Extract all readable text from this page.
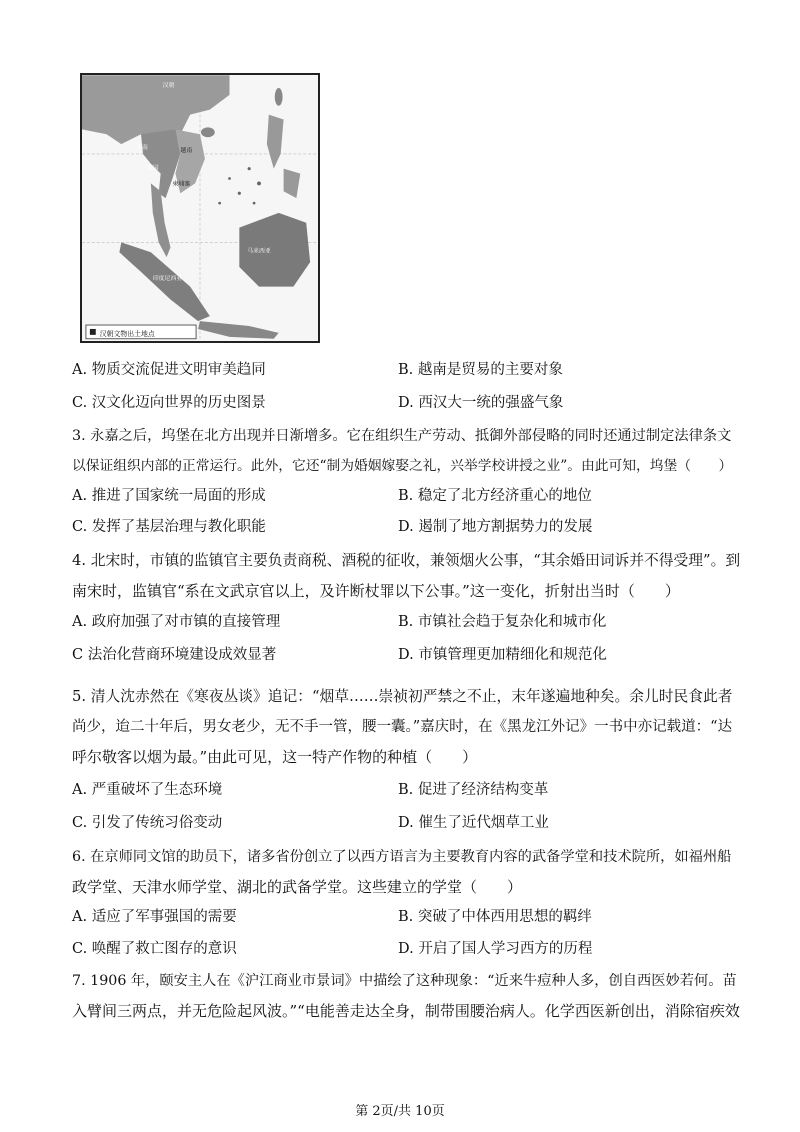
汉朝文物出土地点
汉朝
中南	越南
泰国
柬埔寨
马来西亚
印度尼西亚
A. 物质交流促进文明审美趋同	B. 越南是贸易的主要对象
C. 汉文化迈向世界的历史图景	D. 西汉大一统的强盛气象
3. 永嘉之后，坞堡在北方出现并日渐增多。它在组织生产劳动、抵御外部侵略的同时还通过制定法律条文
以保证组织内部的正常运行。此外，它还“制为婚姻嫁娶之礼，兴举学校讲授之业”。由此可知，坞堡（　　）
A. 推进了国家统一局面的形成	B. 稳定了北方经济重心的地位
C. 发挥了基层治理与教化职能	D. 遏制了地方割据势力的发展
4. 北宋时，市镇的监镇官主要负责商税、酒税的征收，兼领烟火公事，“其余婚田词诉并不得受理”。到
南宋时，监镇官“系在文武京官以上，及许断杖罪以下公事。”这一变化，折射出当时（　　）
A. 政府加强了对市镇的直接管理	B. 市镇社会趋于复杂化和城市化
C 法治化营商环境建设成效显著	D. 市镇管理更加精细化和规范化
5. 清人沈赤然在《寒夜丛谈》追记：“烟草……崇祯初严禁之不止，末年遂遍地种矣。余儿时民食此者
尚少，迨二十年后，男女老少，无不手一管，腰一囊。”嘉庆时，在《黑龙江外记》一书中亦记载道：“达
呼尔敬客以烟为最。”由此可见，这一特产作物的种植（　　）
A. 严重破坏了生态环境	B. 促进了经济结构变革
C. 引发了传统习俗变动	D. 催生了近代烟草工业
6. 在京师同文馆的助员下，诸多省份创立了以西方语言为主要教育内容的武备学堂和技术院所，如福州船
政学堂、天津水师学堂、湖北的武备学堂。这些建立的学堂（　　）
A. 适应了军事强国的需要	B. 突破了中体西用思想的羁绊
C. 唤醒了救亡图存的意识	D. 开启了国人学习西方的历程
7. 1906 年，颐安主人在《沪江商业市景词》中描绘了这种现象：“近来牛痘种人多，创自西医妙若何。苗
入臂间三两点，并无危险起风波。”“电能善走达全身，制带围腰治病人。化学西医新创出，消除宿疾效
第 2页/共 10页
